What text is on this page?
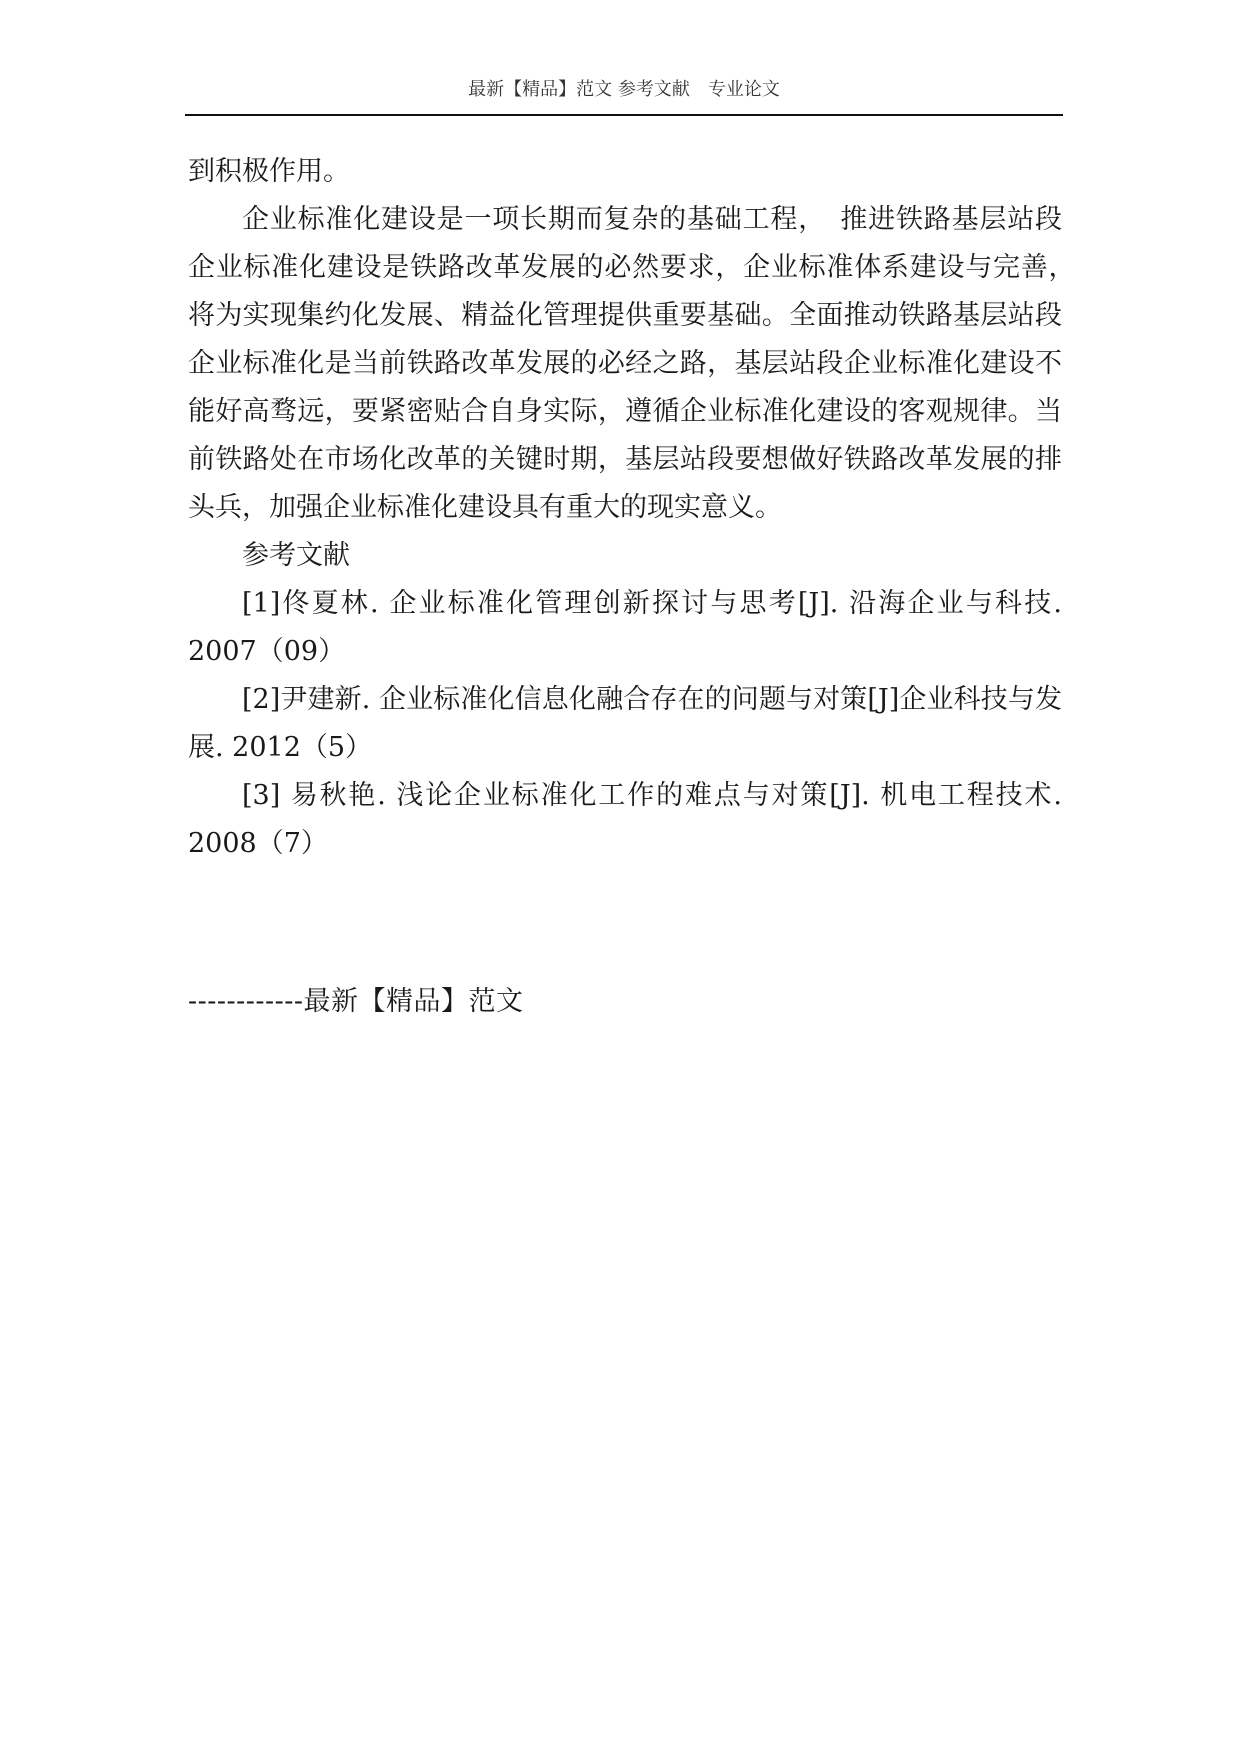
最新【精品】范文 参考文献　专业论文

到积极作用。

企业标准化建设是一项长期而复杂的基础工程，　推进铁路基层站段企业标准化建设是铁路改革发展的必然要求，企业标准体系建设与完善，　将为实现集约化发展、精益化管理提供重要基础。全面推动铁路基层站段企业标准化是当前铁路改革发展的必经之路，基层站段企业标准化建设不能好高骛远，要紧密贴合自身实际，遵循企业标准化建设的客观规律。当前铁路处在市场化改革的关键时期，基层站段要想做好铁路改革发展的排头兵，加强企业标准化建设具有重大的现实意义。

参考文献

[1]佟夏林. 企业标准化管理创新探讨与思考[J]. 沿海企业与科技. 2007（09）

[2]尹建新. 企业标准化信息化融合存在的问题与对策[J]企业科技与发展. 2012（5）

[3] 易秋艳. 浅论企业标准化工作的难点与对策[J]. 机电工程技术. 2008（7）

------------最新【精品】范文
